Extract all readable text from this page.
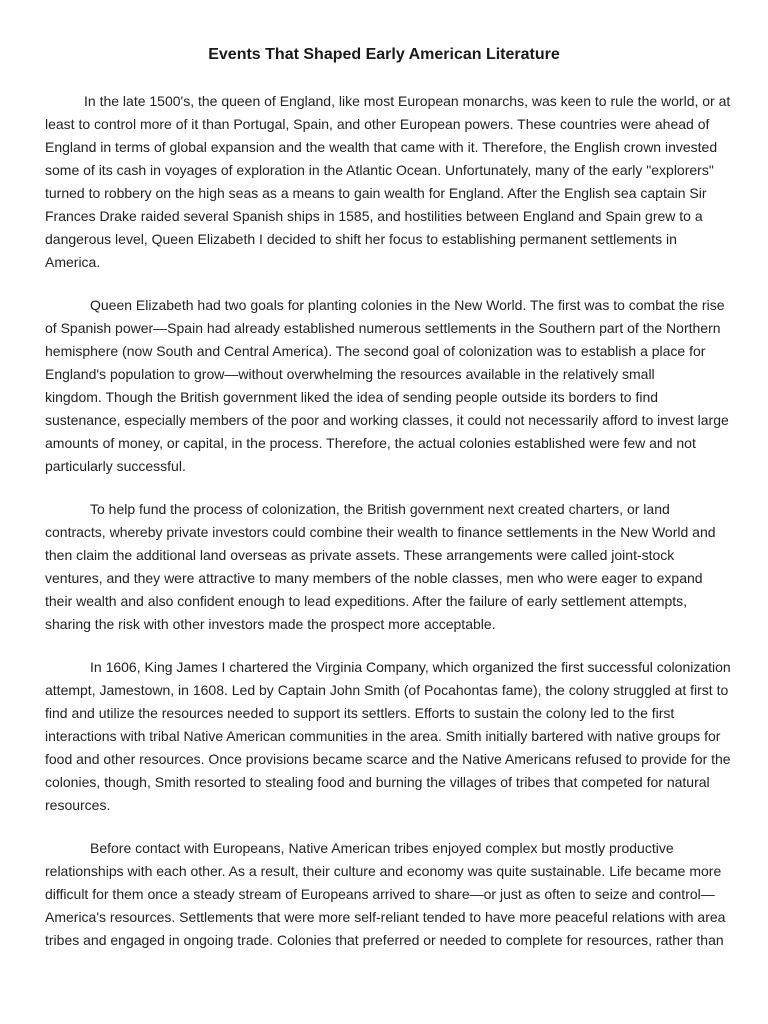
Events That Shaped Early American Literature

In the late 1500's, the queen of England, like most European monarchs, was keen to rule the world, or at
least to control more of it than Portugal, Spain, and other European powers. These countries were ahead of
England in terms of global expansion and the wealth that came with it. Therefore, the English crown invested
some of its cash in voyages of exploration in the Atlantic Ocean. Unfortunately, many of the early "explorers"
turned to robbery on the high seas as a means to gain wealth for England. After the English sea captain Sir
Frances Drake raided several Spanish ships in 1585, and hostilities between England and Spain grew to a
dangerous level, Queen Elizabeth I decided to shift her focus to establishing permanent settlements in
America.

Queen Elizabeth had two goals for planting colonies in the New World. The first was to combat the rise
of Spanish power—Spain had already established numerous settlements in the Southern part of the Northern
hemisphere (now South and Central America). The second goal of colonization was to establish a place for
England's population to grow—without overwhelming the resources available in the relatively small
kingdom. Though the British government liked the idea of sending people outside its borders to find
sustenance, especially members of the poor and working classes, it could not necessarily afford to invest large
amounts of money, or capital, in the process. Therefore, the actual colonies established were few and not
particularly successful.

To help fund the process of colonization, the British government next created charters, or land
contracts, whereby private investors could combine their wealth to finance settlements in the New World and
then claim the additional land overseas as private assets. These arrangements were called joint-stock
ventures, and they were attractive to many members of the noble classes, men who were eager to expand
their wealth and also confident enough to lead expeditions. After the failure of early settlement attempts,
sharing the risk with other investors made the prospect more acceptable.

In 1606, King James I chartered the Virginia Company, which organized the first successful colonization
attempt, Jamestown, in 1608. Led by Captain John Smith (of Pocahontas fame), the colony struggled at first to
find and utilize the resources needed to support its settlers. Efforts to sustain the colony led to the first
interactions with tribal Native American communities in the area. Smith initially bartered with native groups for
food and other resources. Once provisions became scarce and the Native Americans refused to provide for the
colonies, though, Smith resorted to stealing food and burning the villages of tribes that competed for natural
resources.

Before contact with Europeans, Native American tribes enjoyed complex but mostly productive
relationships with each other. As a result, their culture and economy was quite sustainable. Life became more
difficult for them once a steady stream of Europeans arrived to share—or just as often to seize and control—
America's resources. Settlements that were more self-reliant tended to have more peaceful relations with area
tribes and engaged in ongoing trade. Colonies that preferred or needed to complete for resources, rather than
